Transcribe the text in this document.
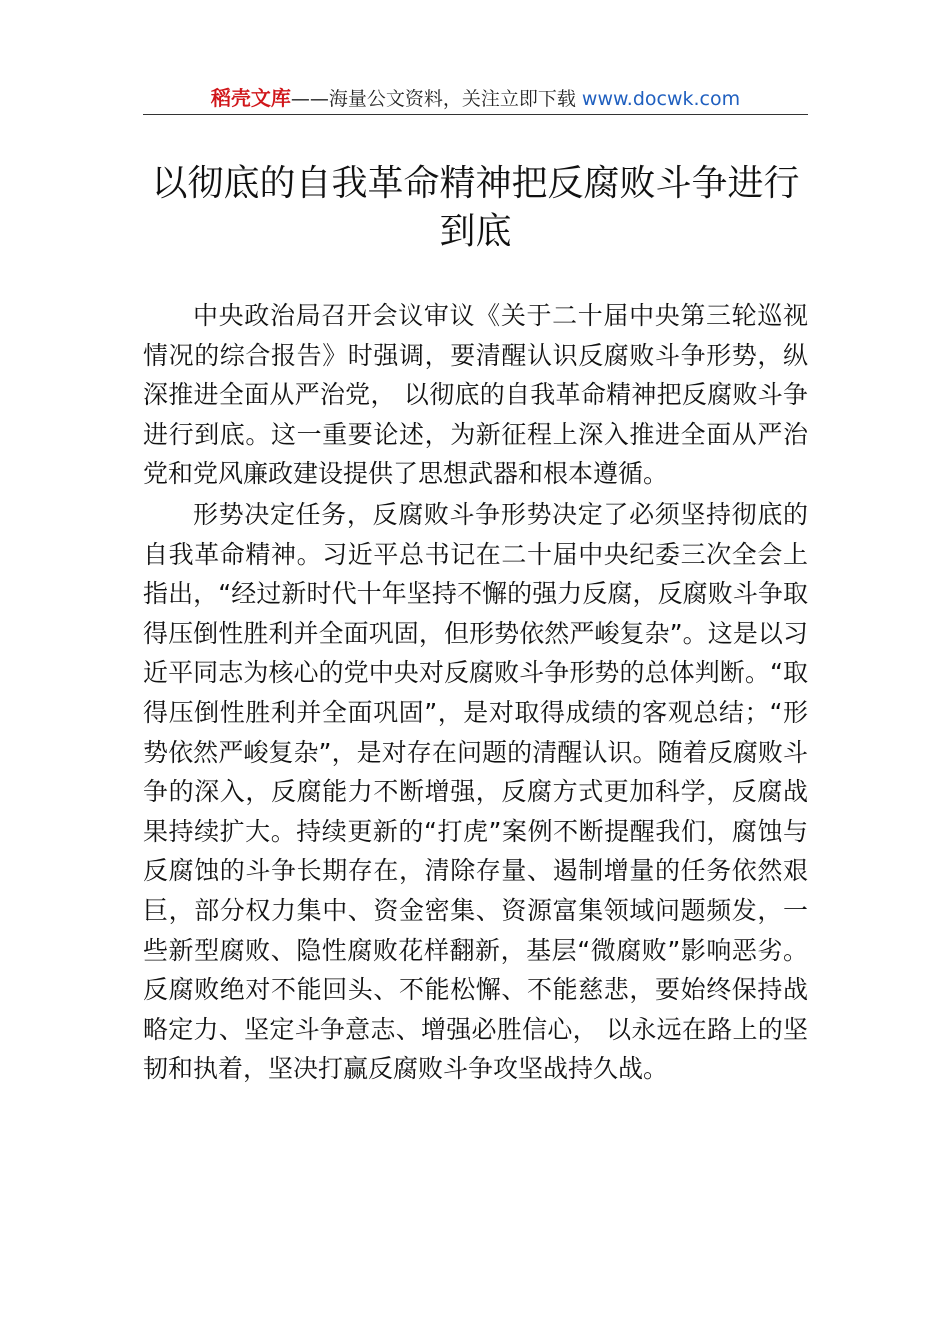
稻壳文库——海量公文资料，关注立即下载 www.docwk.com
以彻底的自我革命精神把反腐败斗争进行到底

中央政治局召开会议审议《关于二十届中央第三轮巡视情况的综合报告》时强调，要清醒认识反腐败斗争形势，纵深推进全面从严治党， 以彻底的自我革命精神把反腐败斗争 进行到底。这一重要论述，为新征程上深入推进全面从严治 党和党风廉政建设提供了思想武器和根本遵循。

形势决定任务，反腐败斗争形势决定了必须坚持彻底的自我革命精神。习近平总书记在二十届中央纪委三次全会上指出，“经过新时代十年坚持不懈的强力反腐，反腐败斗争取得压倒性胜利并全面巩固，但形势依然严峻复杂”。这是以习近平同志为核心的党中央对反腐败斗争形势的总体判断。“取得压倒性胜利并全面巩固”，是对取得成绩的客观总结；“形势依然严峻复杂”，是对存在问题的清醒认识。随着反腐败斗争的深入，反腐能力不断增强，反腐方式更加科学，反腐战果持续扩大。持续更新的“打虎”案例不断提醒我们，腐蚀与反腐蚀的斗争长期存在，清除存量、遏制增量的任务依然艰巨，部分权力集中、资金密集、资源富集领域问题频发，一些新型腐败、隐性腐败花样翻新，基层“微腐败”影响恶劣。反腐败绝对不能回头、不能松懈、不能慈悲，要始终保持战略定力、坚定斗争意志、增强必胜信心， 以永远在路上的坚韧和执着，坚决打赢反腐败斗争攻坚战持久战。
